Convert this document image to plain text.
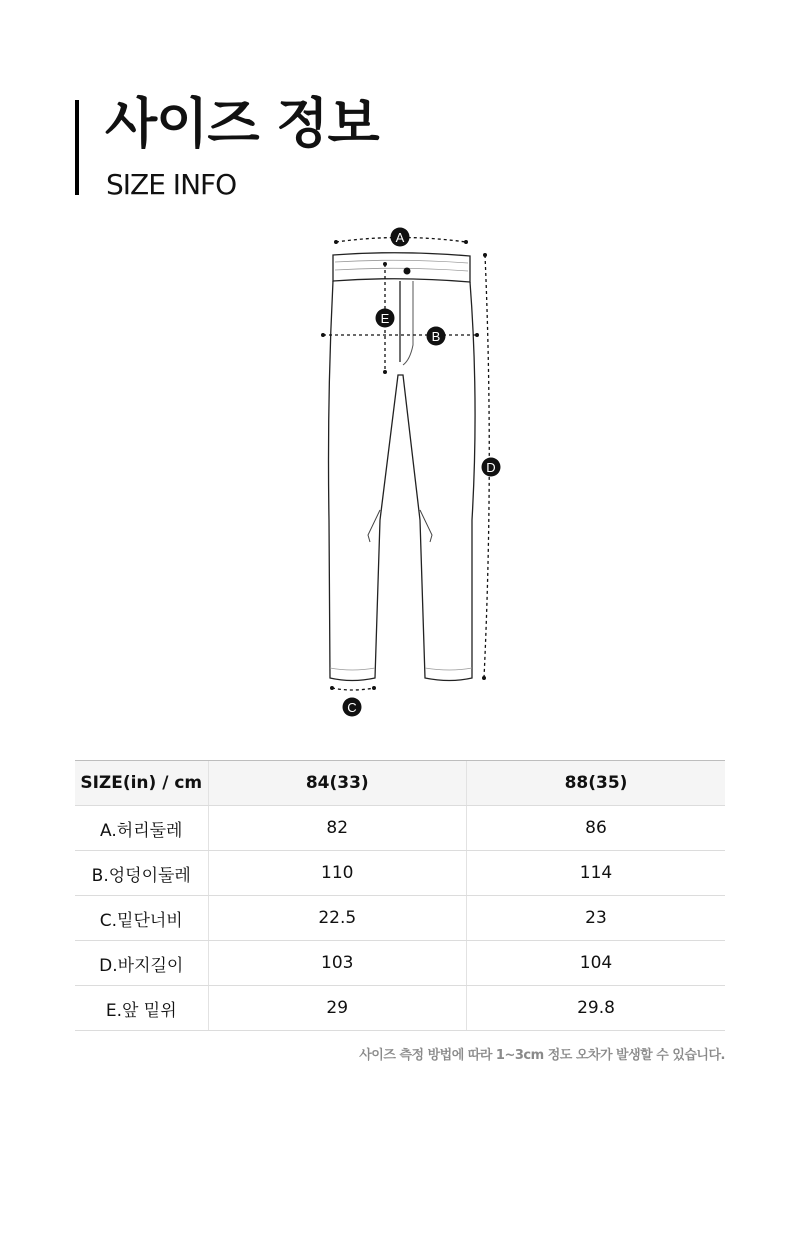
사이즈 정보
SIZE INFO
A
B
C
D
E
SIZE(in) / cm	84(33)	88(35)
A.허리둘레	82	86
B.엉덩이둘레	110	114
C.밑단너비	22.5	23
D.바지길이	103	104
E.앞 밑위	29	29.8
사이즈 측정 방법에 따라 1~3cm 정도 오차가 발생할 수 있습니다.
